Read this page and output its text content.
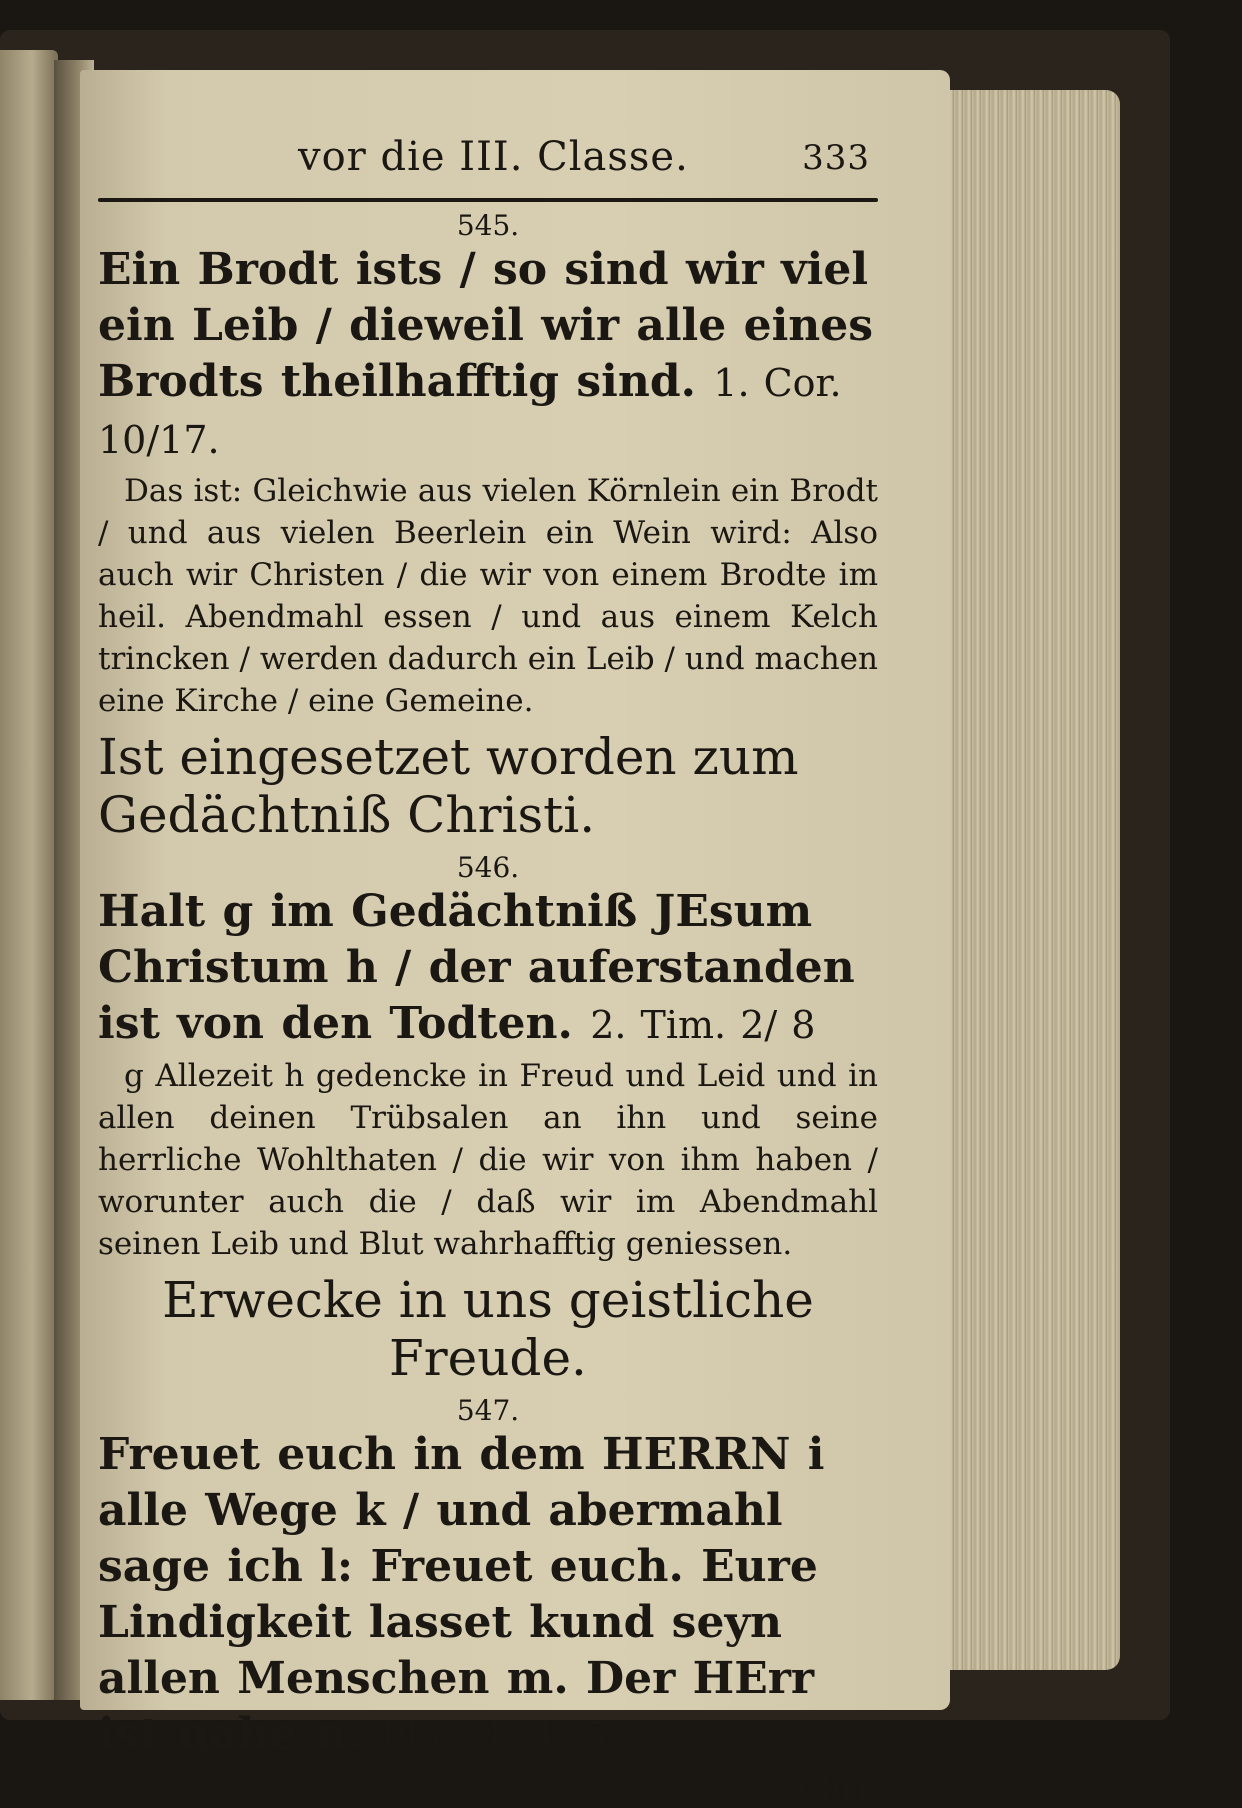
vor die III. Classe.	333
545.
Ein Brodt ists / so sind wir viel ein Leib / dieweil wir alle eines Brodts theilhafftig sind. 1. Cor. 10/17.
Das ist: Gleichwie aus vielen Körnlein ein Brodt / und aus vielen Beerlein ein Wein wird: Also auch wir Christen / die wir von einem Brodte im heil. Abendmahl essen / und aus einem Kelch trincken / werden dadurch ein Leib / und machen eine Kirche / eine Gemeine.
Ist eingesetzet worden zum Gedächtniß Christi.
546.
Halt g im Gedächtniß JEsum Christum h / der auferstanden ist von den Todten. 2. Tim. 2/ 8
g Allezeit h gedencke in Freud und Leid und in allen deinen Trübsalen an ihn und seine herrliche Wohlthaten / die wir von ihm haben / worunter auch die / daß wir im Abendmahl seinen Leib und Blut wahrhafftig geniessen.
Erwecke in uns geistliche Freude.
547.
Freuet euch in dem HERRN i alle Wege k / und abermahl sage ich l: Freuet euch. Eure Lindigkeit lasset kund seyn allen Menschen m. Der HErr ist nahe n. Phil. 4/ 4. 5.
i Chri-
